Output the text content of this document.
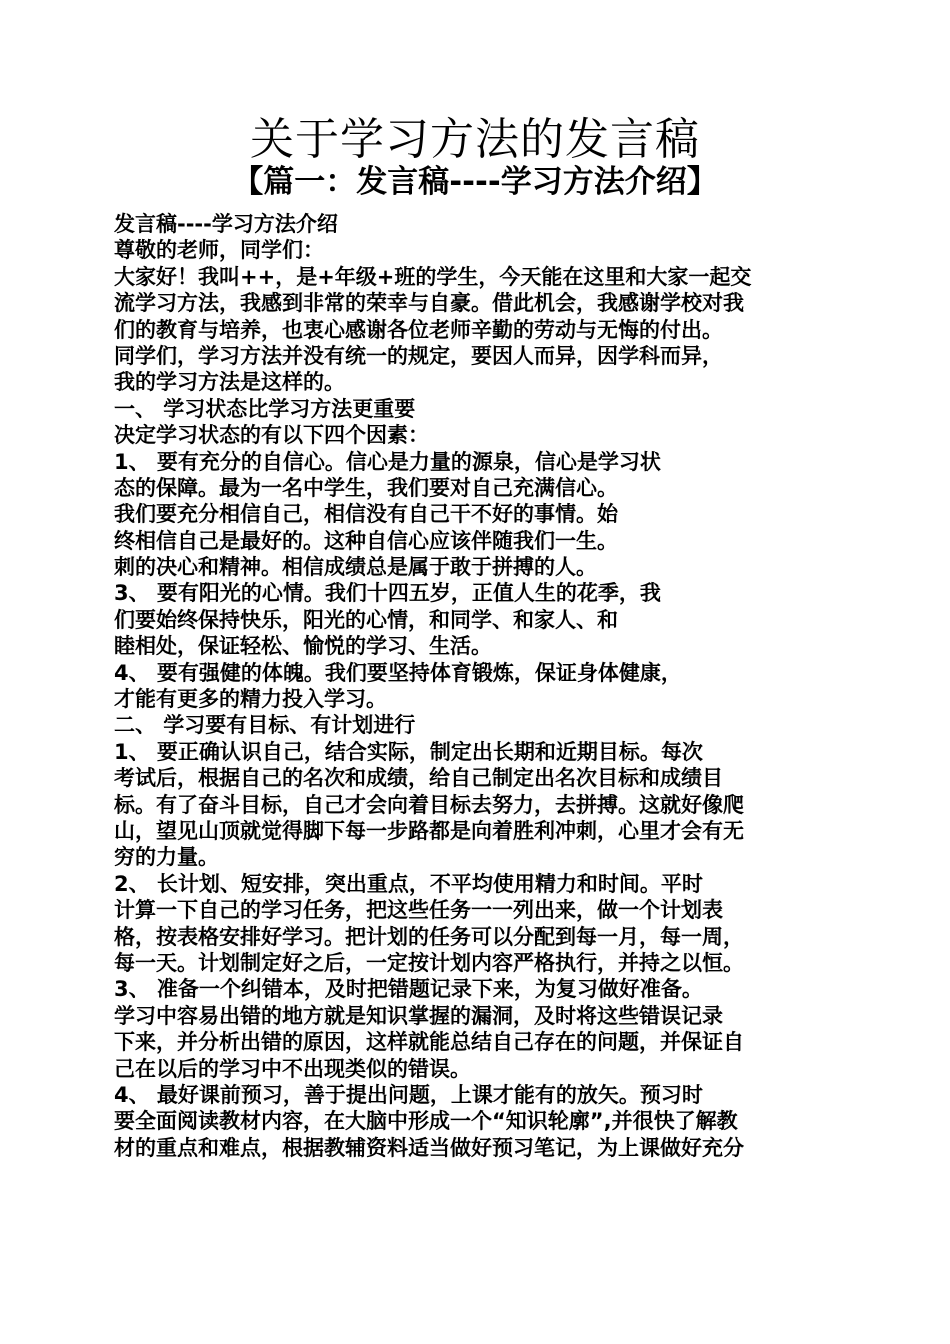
关于学习方法的发言稿
【篇一：发言稿----学习方法介绍】
发言稿----学习方法介绍
尊敬的老师，同学们：
大家好！我叫++，是+年级+班的学生，今天能在这里和大家一起交
流学习方法，我感到非常的荣幸与自豪。借此机会，我感谢学校对我
们的教育与培养，也衷心感谢各位老师辛勤的劳动与无悔的付出。
同学们，学习方法并没有统一的规定，要因人而异，因学科而异，
我的学习方法是这样的。
一、 学习状态比学习方法更重要
决定学习状态的有以下四个因素：
1、 要有充分的自信心。信心是力量的源泉，信心是学习状
态的保障。最为一名中学生，我们要对自己充满信心。
我们要充分相信自己，相信没有自己干不好的事情。始
终相信自己是最好的。这种自信心应该伴随我们一生。
刺的决心和精神。相信成绩总是属于敢于拼搏的人。
3、 要有阳光的心情。我们十四五岁，正值人生的花季，我
们要始终保持快乐，阳光的心情，和同学、和家人、和
睦相处，保证轻松、愉悦的学习、生活。
4、 要有强健的体魄。我们要坚持体育锻炼，保证身体健康，
才能有更多的精力投入学习。
二、 学习要有目标、有计划进行
1、 要正确认识自己，结合实际，制定出长期和近期目标。每次
考试后，根据自己的名次和成绩，给自己制定出名次目标和成绩目
标。有了奋斗目标，自己才会向着目标去努力，去拼搏。这就好像爬
山，望见山顶就觉得脚下每一步路都是向着胜利冲刺，心里才会有无
穷的力量。
2、 长计划、短安排，突出重点，不平均使用精力和时间。平时
计算一下自己的学习任务，把这些任务一一列出来，做一个计划表
格，按表格安排好学习。把计划的任务可以分配到每一月，每一周，
每一天。计划制定好之后，一定按计划内容严格执行，并持之以恒。
3、 准备一个纠错本，及时把错题记录下来，为复习做好准备。
学习中容易出错的地方就是知识掌握的漏洞，及时将这些错误记录
下来，并分析出错的原因，这样就能总结自己存在的问题，并保证自
己在以后的学习中不出现类似的错误。
4、 最好课前预习，善于提出问题，上课才能有的放矢。预习时
要全面阅读教材内容，在大脑中形成一个“知识轮廓”,并很快了解教
材的重点和难点，根据教辅资料适当做好预习笔记，为上课做好充分
